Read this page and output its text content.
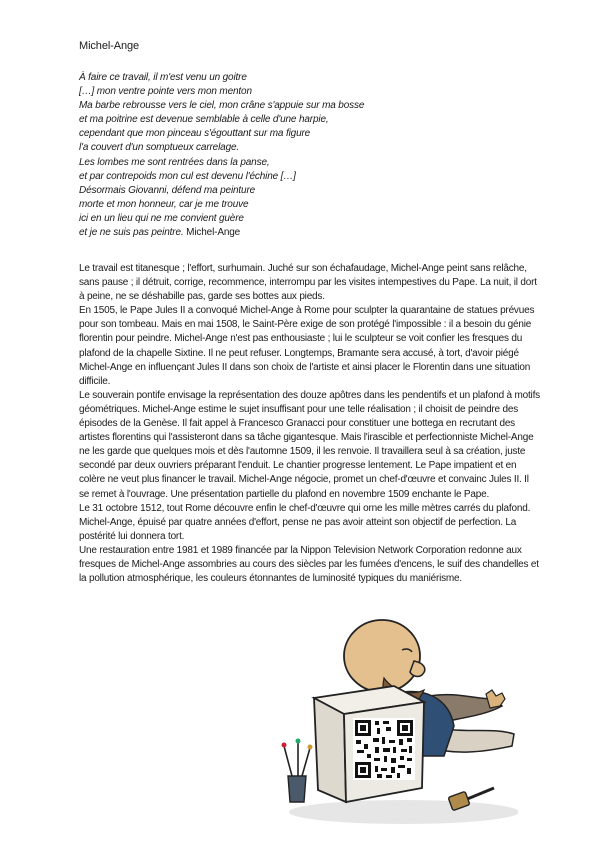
Michel-Ange
À faire ce travail, il m'est venu un goitre
[…] mon ventre pointe vers mon menton
Ma barbe rebrousse vers le ciel, mon crâne s'appuie sur ma bosse
et ma poitrine est devenue semblable à celle d'une harpie,
cependant que mon pinceau s'égouttant sur ma figure
l'a couvert d'un somptueux carrelage.
Les lombes me sont rentrées dans la panse,
et par contrepoids mon cul est devenu l'échine […]
Désormais Giovanni, défend ma peinture
morte et mon honneur, car je me trouve
ici en un lieu qui ne me convient guère
et je ne suis pas peintre. Michel-Ange

Le travail est titanesque ; l'effort, surhumain. Juché sur son échafaudage, Michel-Ange peint sans relâche, sans pause ; il détruit, corrige, recommence, interrompu par les visites intempestives du Pape. La nuit, il dort à peine, ne se déshabille pas, garde ses bottes aux pieds.

En 1505, le Pape Jules II a convoqué Michel-Ange à Rome pour sculpter la quarantaine de statues prévues pour son tombeau. Mais en mai 1508, le Saint-Père exige de son protégé l'impossible : il a besoin du génie florentin pour peindre. Michel-Ange n'est pas enthousiaste ; lui le sculpteur se voit confier les fresques du plafond de la chapelle Sixtine. Il ne peut refuser. Longtemps, Bramante sera accusé, à tort, d'avoir piégé Michel-Ange en influençant Jules II dans son choix de l'artiste et ainsi placer le Florentin dans une situation difficile.

Le souverain pontife envisage la représentation des douze apôtres dans les pendentifs et un plafond à motifs géométriques. Michel-Ange estime le sujet insuffisant pour une telle réalisation ; il choisit de peindre des épisodes de la Genèse. Il fait appel à Francesco Granacci pour constituer une bottega en recrutant des artistes florentins qui l'assisteront dans sa tâche gigantesque. Mais l'irascible et perfectionniste Michel-Ange ne les garde que quelques mois et dès l'automne 1509, il les renvoie. Il travaillera seul à sa création, juste secondé par deux ouvriers préparant l'enduit. Le chantier progresse lentement. Le Pape impatient et en colère ne veut plus financer le travail. Michel-Ange négocie, promet un chef-d'œuvre et convainc Jules II. Il se remet à l'ouvrage. Une présentation partielle du plafond en novembre 1509 enchante le Pape.

Le 31 octobre 1512, tout Rome découvre enfin le chef-d'œuvre qui orne les mille mètres carrés du plafond. Michel-Ange, épuisé par quatre années d'effort, pense ne pas avoir atteint son objectif de perfection. La postérité lui donnera tort.

Une restauration entre 1981 et 1989 financée par la Nippon Television Network Corporation redonne aux fresques de Michel-Ange assombries au cours des siècles par les fumées d'encens, le suif des chandelles et la pollution atmosphérique, les couleurs étonnantes de luminosité typiques du maniérisme.
